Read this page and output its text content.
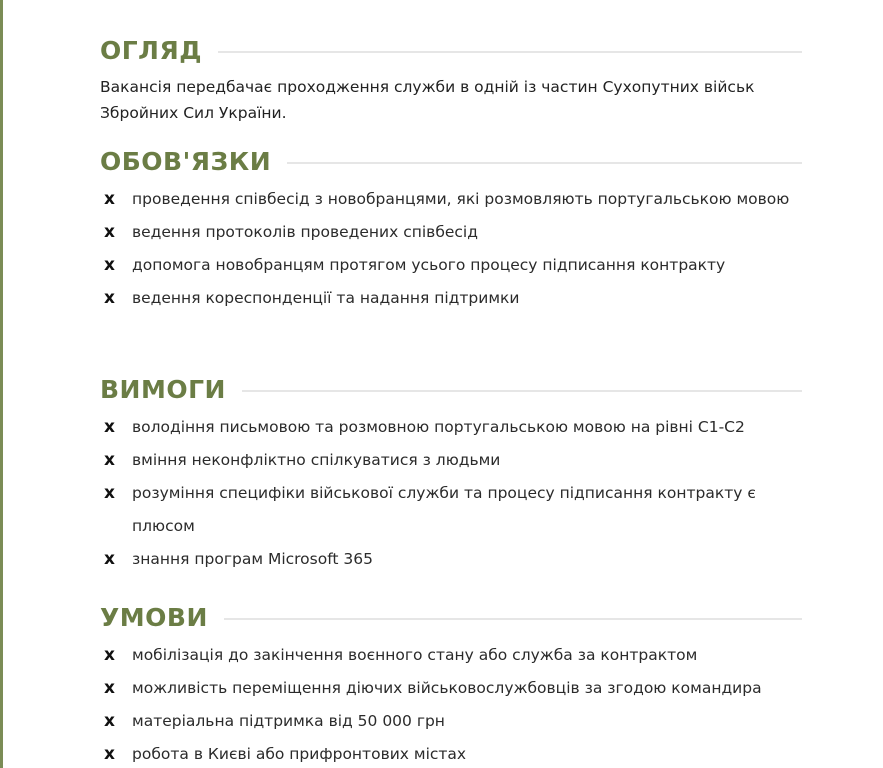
ОГЛЯД
Вакансія передбачає проходження служби в одній із частин Сухопутних військ Збройних Сил України.
ОБОВ'ЯЗКИ
x проведення співбесід з новобранцями, які розмовляють португальською мовою
x ведення протоколів проведених співбесід
x допомога новобранцям протягом усього процесу підписання контракту
x ведення кореспонденції та надання підтримки
ВИМОГИ
x володіння письмовою та розмовною португальською мовою на рівні С1-С2
x вміння неконфліктно спілкуватися з людьми
x розуміння специфіки військової служби та процесу підписання контракту є плюсом
x знання програм Microsoft 365
УМОВИ
x мобілізація до закінчення воєнного стану або служба за контрактом
x можливість переміщення діючих військовослужбовців за згодою командира
x матеріальна підтримка від 50 000 грн
x робота в Києві або прифронтових містах
